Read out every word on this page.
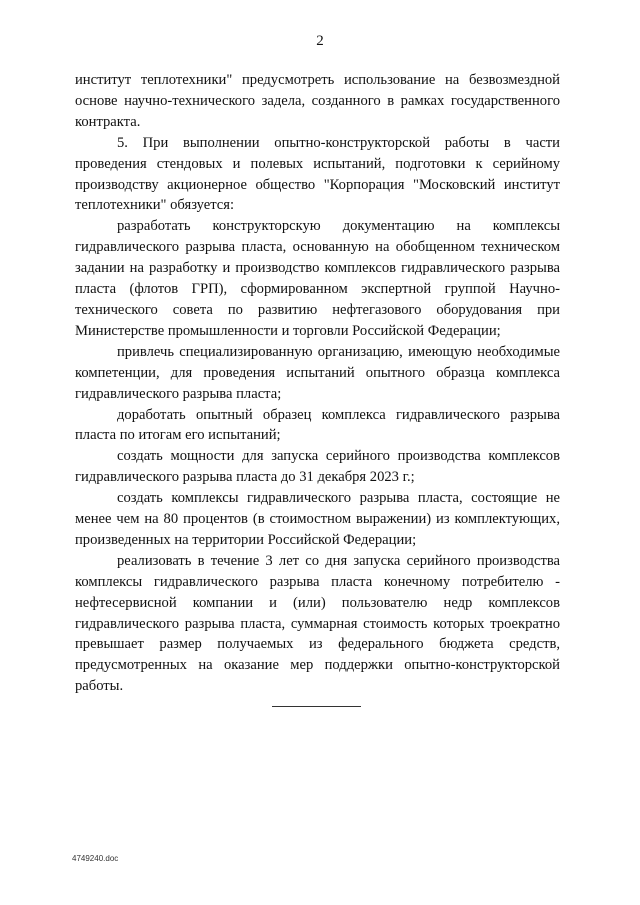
2

институт теплотехники" предусмотреть использование на безвозмездной основе научно-технического задела, созданного в рамках государственного контракта.

5. При выполнении опытно-конструкторской работы в части проведения стендовых и полевых испытаний, подготовки к серийному производству акционерное общество "Корпорация "Московский институт теплотехники" обязуется:

разработать конструкторскую документацию на комплексы гидравлического разрыва пласта, основанную на обобщенном техническом задании на разработку и производство комплексов гидравлического разрыва пласта (флотов ГРП), сформированном экспертной группой Научно-технического совета по развитию нефтегазового оборудования при Министерстве промышленности и торговли Российской Федерации;

привлечь специализированную организацию, имеющую необходимые компетенции, для проведения испытаний опытного образца комплекса гидравлического разрыва пласта;

доработать опытный образец комплекса гидравлического разрыва пласта по итогам его испытаний;

создать мощности для запуска серийного производства комплексов гидравлического разрыва пласта до 31 декабря 2023 г.;

создать комплексы гидравлического разрыва пласта, состоящие не менее чем на 80 процентов (в стоимостном выражении) из комплектующих, произведенных на территории Российской Федерации;

реализовать в течение 3 лет со дня запуска серийного производства комплексы гидравлического разрыва пласта конечному потребителю - нефтесервисной компании и (или) пользователю недр комплексов гидравлического разрыва пласта, суммарная стоимость которых троекратно превышает размер получаемых из федерального бюджета средств, предусмотренных на оказание мер поддержки опытно-конструкторской работы.

4749240.doc
